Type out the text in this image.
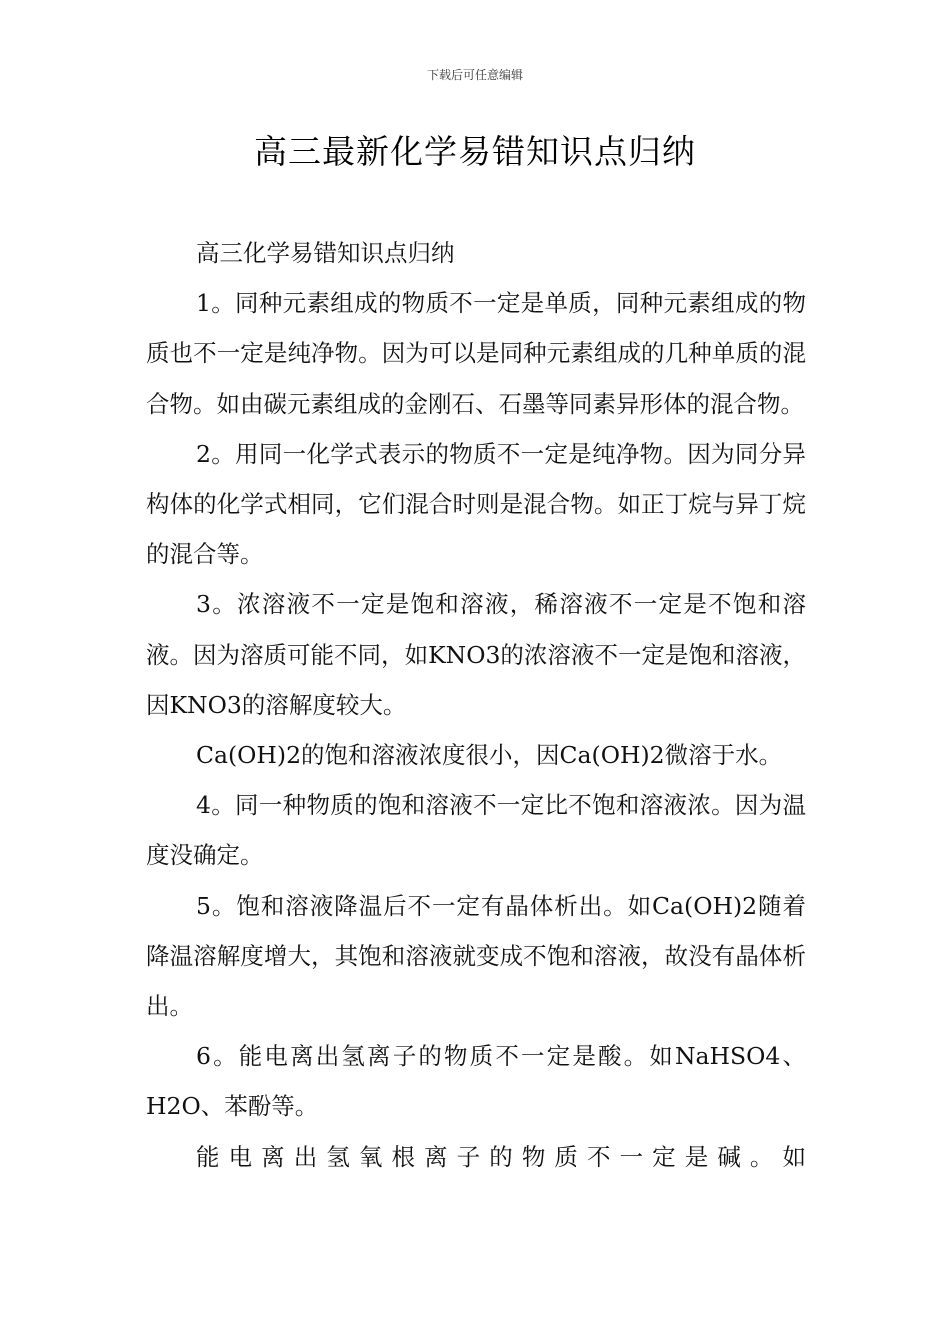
下载后可任意编辑
高三最新化学易错知识点归纳

高三化学易错知识点归纳

1。同种元素组成的物质不一定是单质，同种元素组成的物质也不一定是纯净物。因为可以是同种元素组成的几种单质的混合物。如由碳元素组成的金刚石、石墨等同素异形体的混合物。

2。用同一化学式表示的物质不一定是纯净物。因为同分异构体的化学式相同，它们混合时则是混合物。如正丁烷与异丁烷的混合等。

3。浓溶液不一定是饱和溶液，稀溶液不一定是不饱和溶液。因为溶质可能不同，如KNO3的浓溶液不一定是饱和溶液，因KNO3的溶解度较大。

Ca(OH)2的饱和溶液浓度很小，因Ca(OH)2微溶于水。

4。同一种物质的饱和溶液不一定比不饱和溶液浓。因为温度没确定。

5。饱和溶液降温后不一定有晶体析出。如Ca(OH)2随着降温溶解度增大，其饱和溶液就变成不饱和溶液，故没有晶体析出。

6。能电离出氢离子的物质不一定是酸。如NaHSO4、H2O、苯酚等。

能电离出氢氧根离子的物质不一定是碱。如
